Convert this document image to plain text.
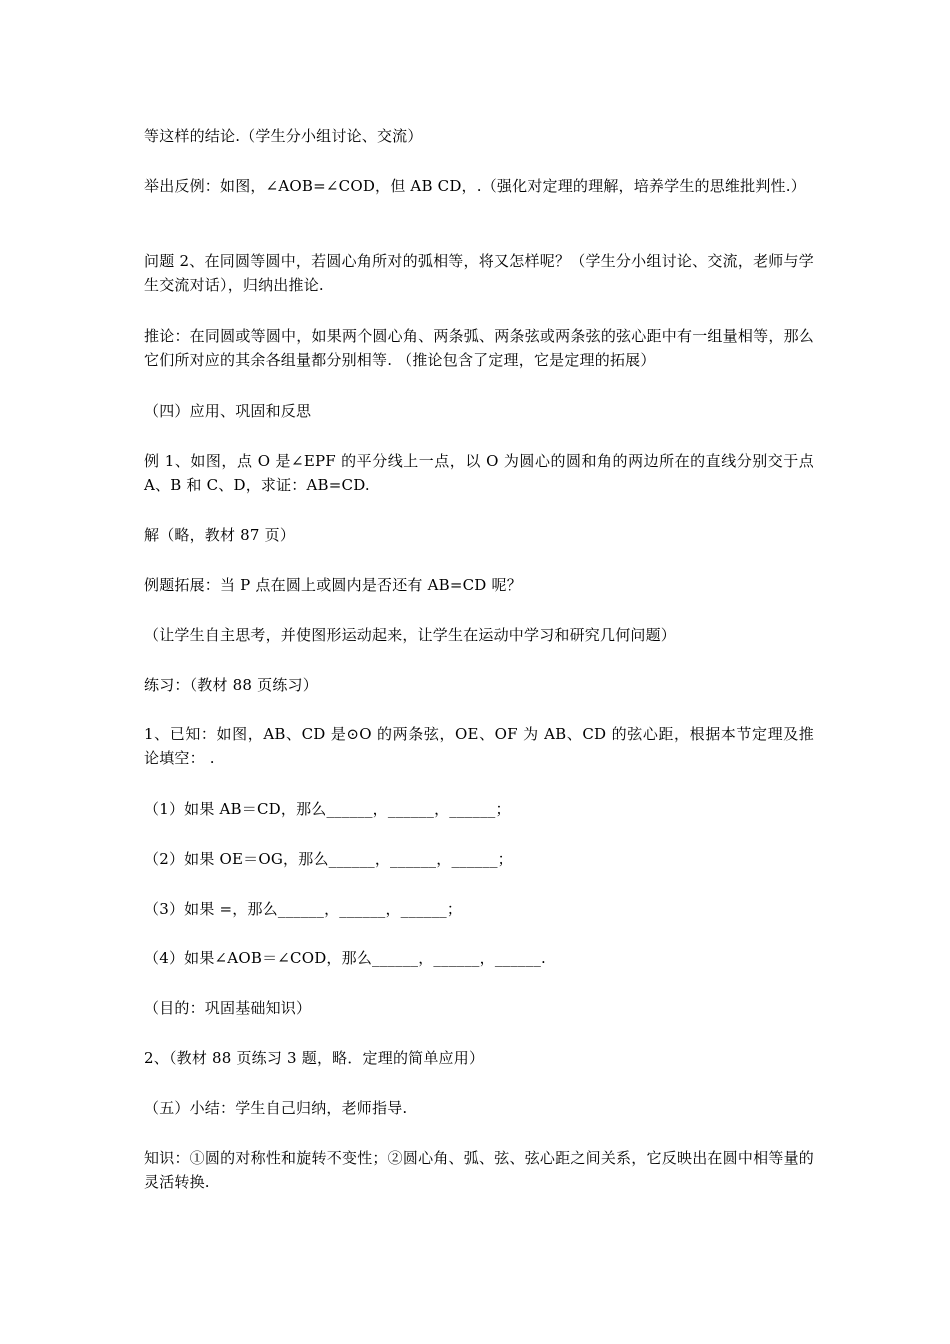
等这样的结论.（学生分小组讨论、交流）

举出反例：如图，∠AOB=∠COD，但 AB CD，.（强化对定理的理解，培养学生的思维批判性.）

问题 2、在同圆等圆中，若圆心角所对的弧相等，将又怎样呢？（学生分小组讨论、交流，老师与学生交流对话），归纳出推论.

推论：在同圆或等圆中，如果两个圆心角、两条弧、两条弦或两条弦的弦心距中有一组量相等，那么它们所对应的其余各组量都分别相等. （推论包含了定理，它是定理的拓展）

（四）应用、巩固和反思

例 1、如图，点 O 是∠EPF 的平分线上一点，以 O 为圆心的圆和角的两边所在的直线分别交于点 A、B 和 C、D，求证：AB=CD.

解（略，教材 87 页）

例题拓展：当 P 点在圆上或圆内是否还有 AB=CD 呢？

（让学生自主思考，并使图形运动起来，让学生在运动中学习和研究几何问题）

练习：（教材 88 页练习）

1、已知：如图，AB、CD 是⊙O 的两条弦，OE、OF 为 AB、CD 的弦心距，根据本节定理及推论填空： .

（1）如果 AB＝CD，那么______，______，______；

（2）如果 OE＝OG，那么______，______，______；

（3）如果 =，那么______，______，______；

（4）如果∠AOB＝∠COD，那么______，______，______.

（目的：巩固基础知识）

2、（教材 88 页练习 3 题，略．定理的简单应用）

（五）小结：学生自己归纳，老师指导.

知识：①圆的对称性和旋转不变性；②圆心角、弧、弦、弦心距之间关系，它反映出在圆中相等量的灵活转换.
